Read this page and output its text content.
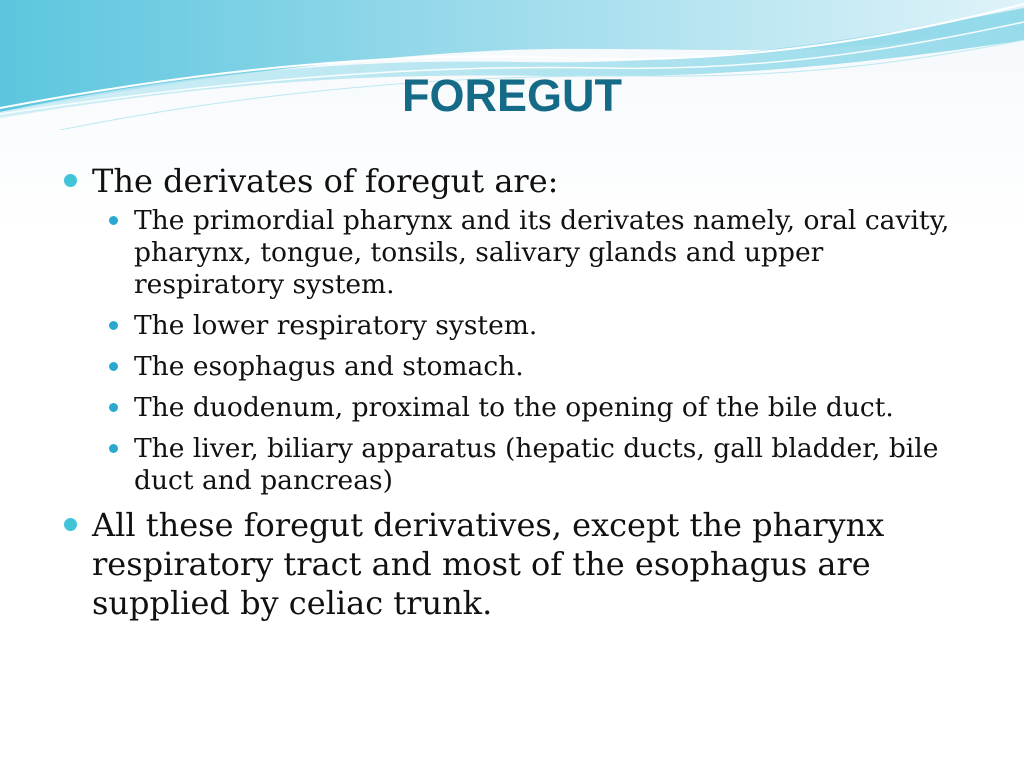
FOREGUT
The derivates of foregut are:
The primordial pharynx and its derivates namely, oral cavity, pharynx, tongue, tonsils, salivary glands and upper respiratory system.
The lower respiratory system.
The esophagus and stomach.
The duodenum, proximal to the opening of the bile duct.
The liver, biliary apparatus (hepatic ducts, gall bladder, bile duct and pancreas)
All these foregut derivatives, except the pharynx respiratory tract and most of the esophagus are supplied by celiac trunk.
